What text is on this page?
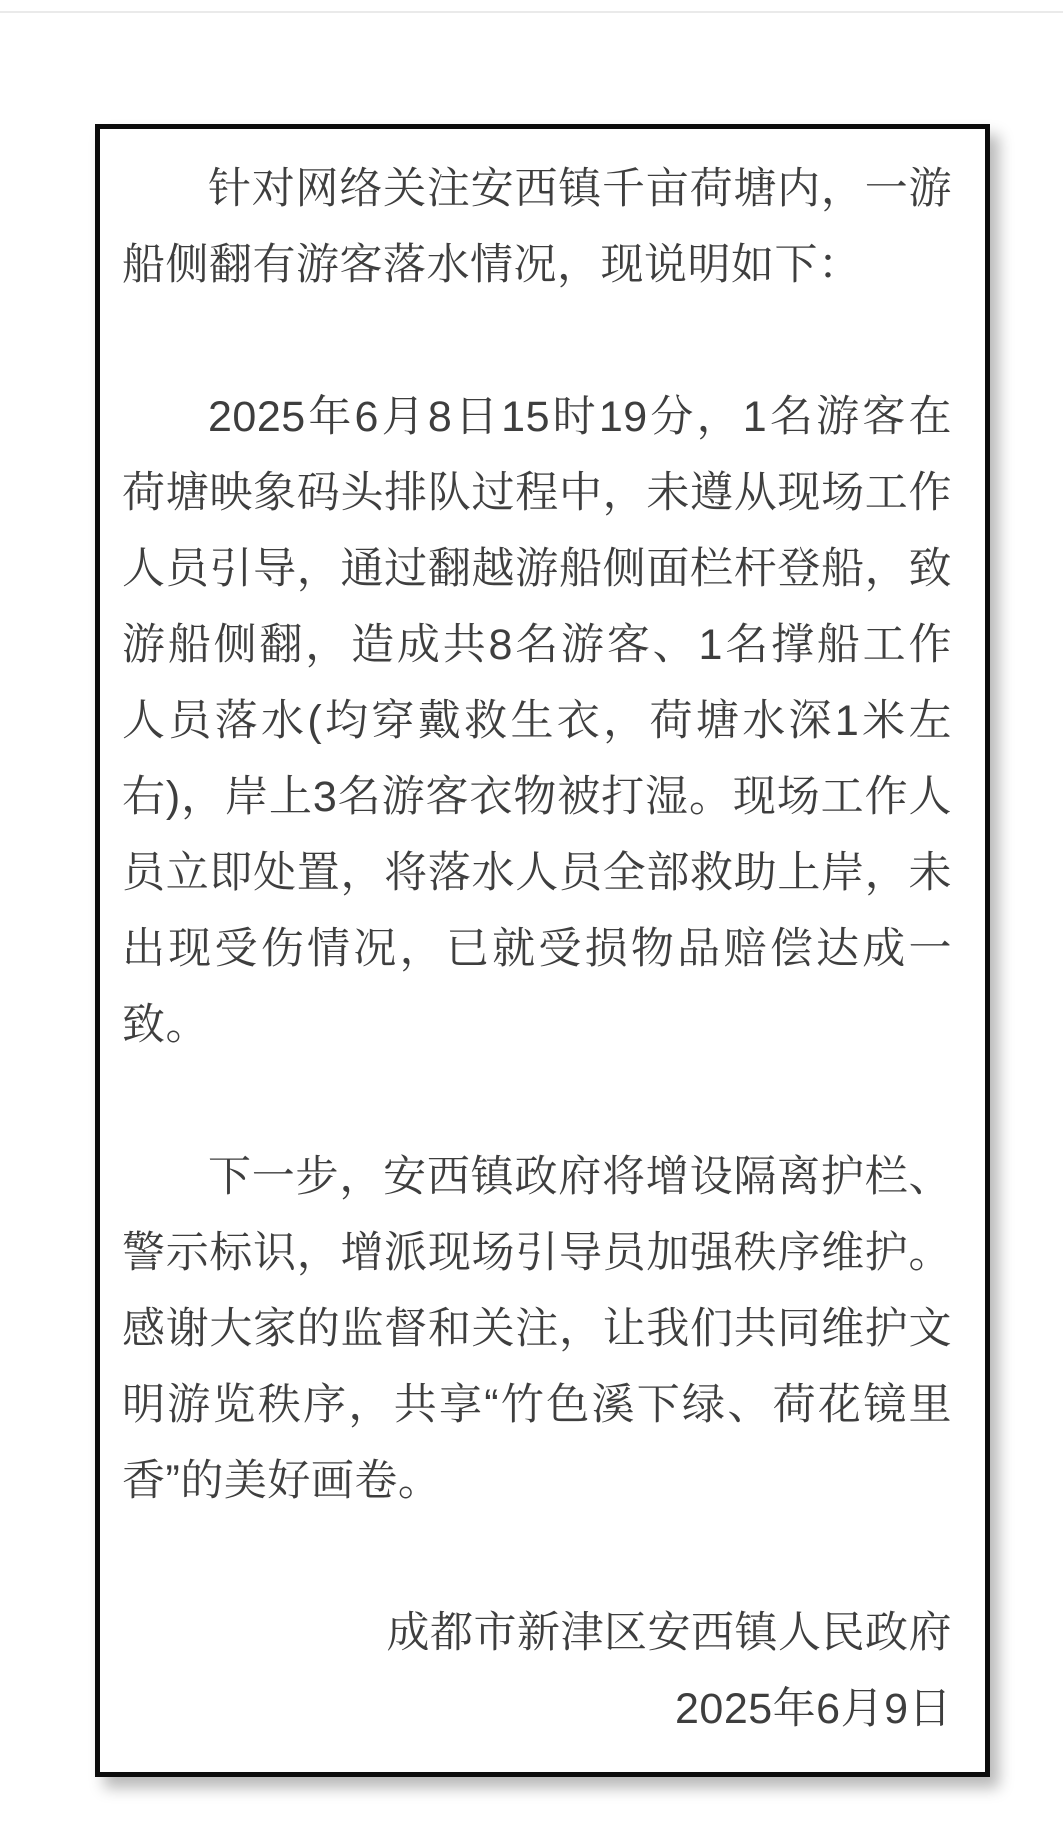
针对网络关注安西镇千亩荷塘内，一游船侧翻有游客落水情况，现说明如下：

2025年6月8日15时19分，1名游客在荷塘映象码头排队过程中，未遵从现场工作人员引导，通过翻越游船侧面栏杆登船，致游船侧翻，造成共8名游客、1名撑船工作人员落水(均穿戴救生衣，荷塘水深1米左右)，岸上3名游客衣物被打湿。现场工作人员立即处置，将落水人员全部救助上岸，未出现受伤情况，已就受损物品赔偿达成一致。

下一步，安西镇政府将增设隔离护栏、警示标识，增派现场引导员加强秩序维护。感谢大家的监督和关注，让我们共同维护文明游览秩序，共享“竹色溪下绿、荷花镜里香”的美好画卷。

成都市新津区安西镇人民政府

2025年6月9日
